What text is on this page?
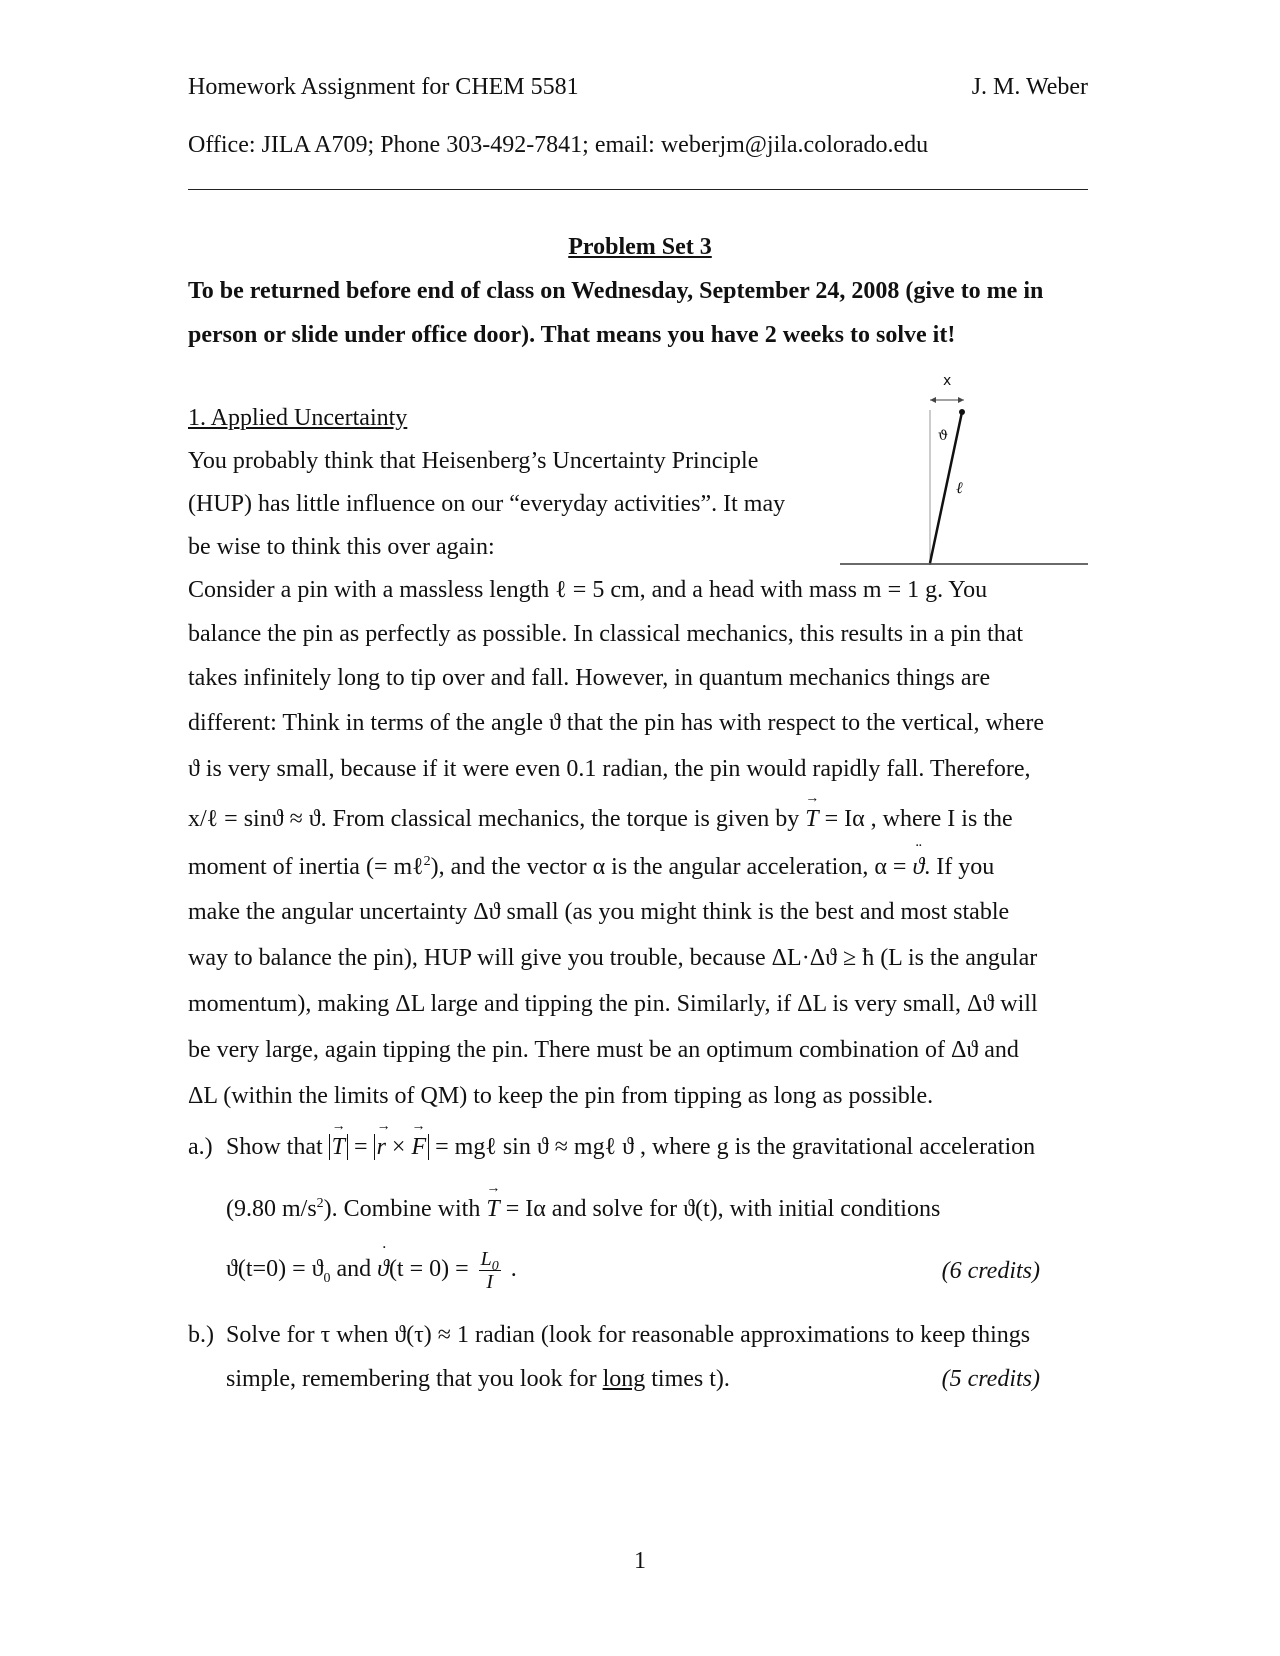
Homework Assignment for CHEM 5581	J. M. Weber
Office: JILA A709; Phone 303-492-7841; email: weberjm@jila.colorado.edu
Problem Set 3
To be returned before end of class on Wednesday, September 24, 2008 (give to me in
person or slide under office door). That means you have 2 weeks to solve it!
x
ϑ
ℓ
1. Applied Uncertainty
You probably think that Heisenberg’s Uncertainty Principle
(HUP) has little influence on our “everyday activities”. It may
be wise to think this over again:
Consider a pin with a massless length ℓ = 5 cm, and a head with mass m = 1 g. You
balance the pin as perfectly as possible. In classical mechanics, this results in a pin that
takes infinitely long to tip over and fall. However, in quantum mechanics things are
different: Think in terms of the angle ϑ that the pin has with respect to the vertical, where
ϑ is very small, because if it were even 0.1 radian, the pin would rapidly fall. Therefore,
x/ℓ = sinϑ ≈ ϑ. From classical mechanics, the torque is given by → T = Iα , where I is the
moment of inertia (= mℓ$^2$), and the vector α is the angular acceleration, α = ¨ ϑ. If you
make the angular uncertainty Δϑ small (as you might think is the best and most stable
way to balance the pin), HUP will give you trouble, because ΔL·Δϑ ≥ ħ (L is the angular
momentum), making ΔL large and tipping the pin. Similarly, if ΔL is very small, Δϑ will
be very large, again tipping the pin. There must be an optimum combination of Δϑ and
ΔL (within the limits of QM) to keep the pin from tipping as long as possible.
a.) Show that → T = → r × → F = mgℓ sin ϑ ≈ mgℓ ϑ , where g is the gravitational acceleration
(9.80 $m/s^2$). Combine with → T = Iα and solve for ϑ(t), with initial conditions
$ϑ(t=0) = ϑ_0$ and ˙ $ϑ(t = 0) = \frac{L_0}{I}$ .	(6 credits)
b.) Solve for τ when ϑ(τ) ≈ 1 radian (look for reasonable approximations to keep things
simple, remembering that you look for long times t).	(5 credits)
1
